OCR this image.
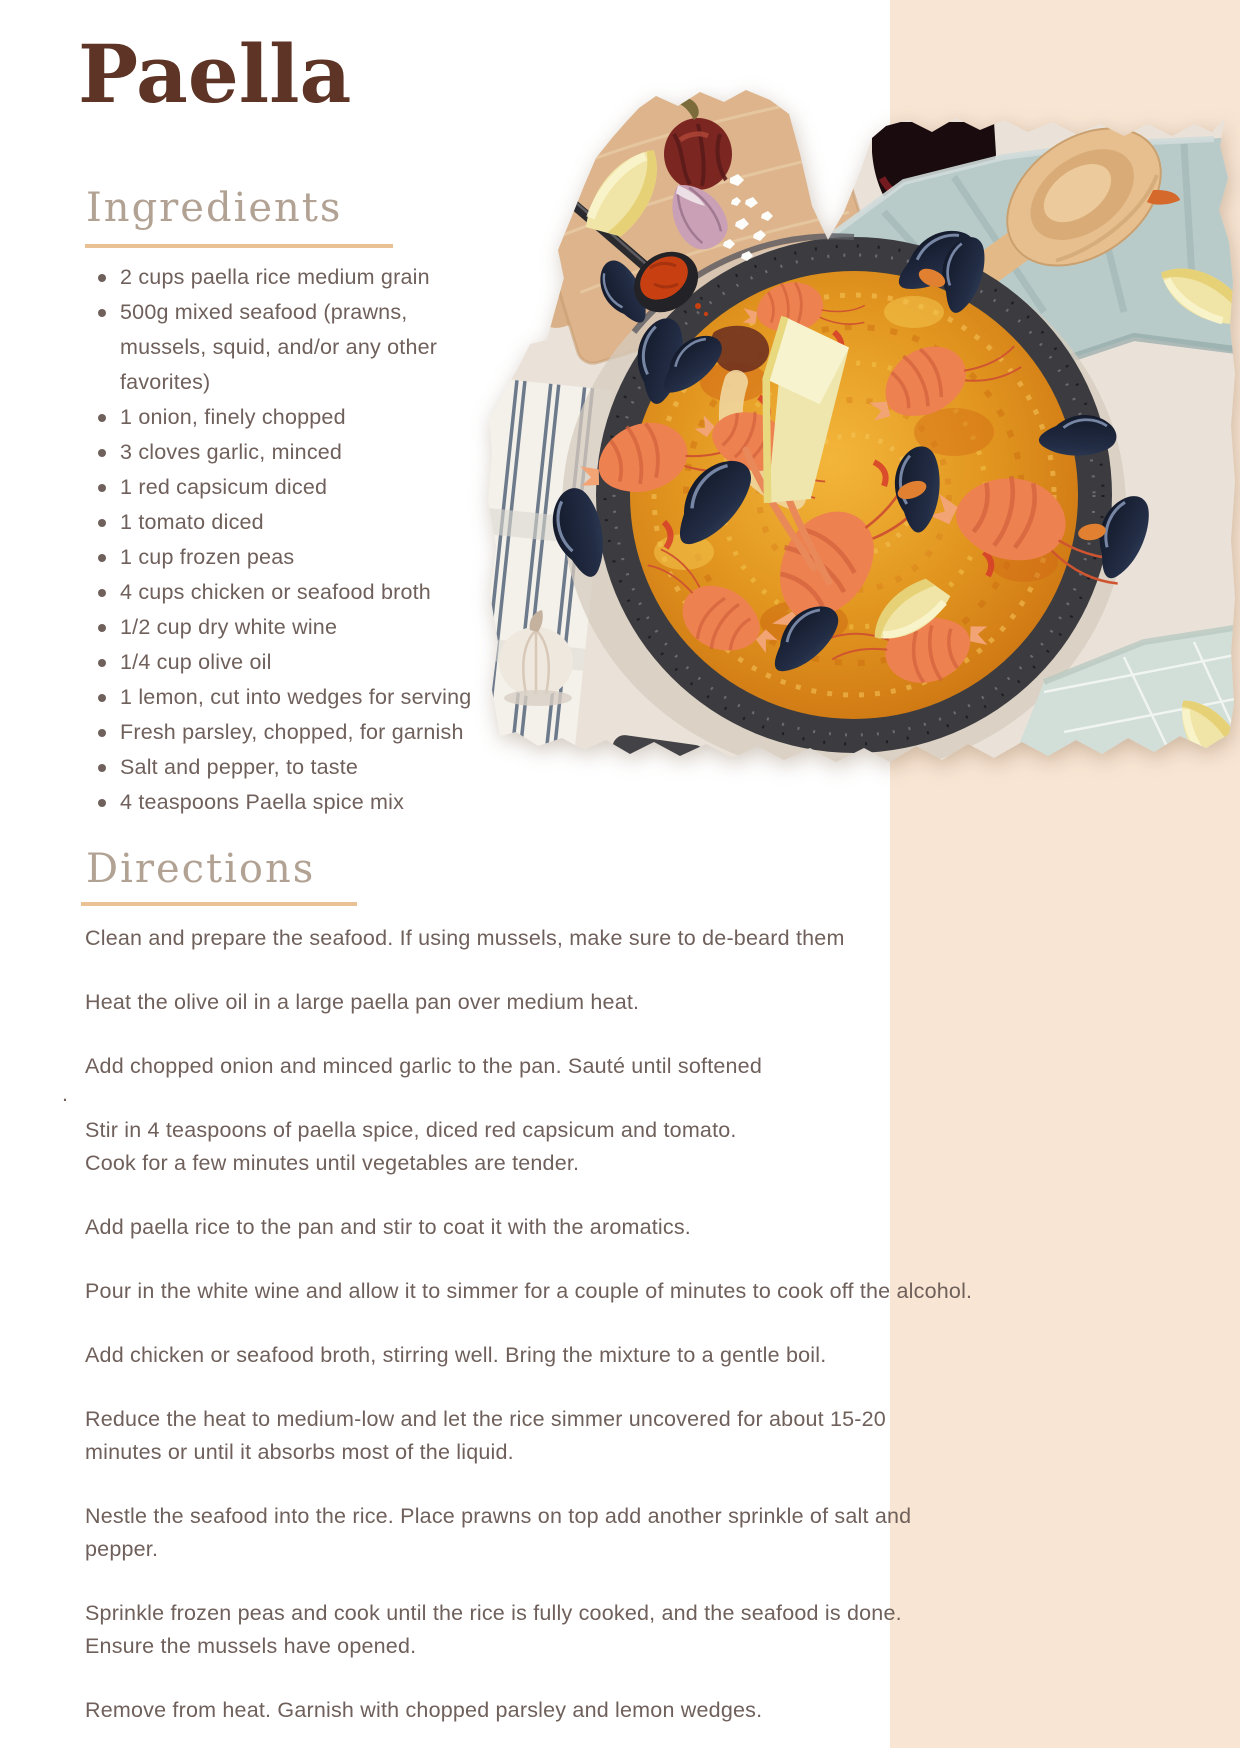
Paella
Ingredients
2 cups paella rice medium grain
500g mixed seafood (prawns,
mussels, squid, and/or any other
favorites)
1 onion, finely chopped
3 cloves garlic, minced
1 red capsicum diced
1 tomato diced
1 cup frozen peas
4 cups chicken or seafood broth
1/2 cup dry white wine
1/4 cup olive oil
1 lemon, cut into wedges for serving
Fresh parsley, chopped, for garnish
Salt and pepper, to taste
4 teaspoons Paella spice mix
Directions
.
Clean and prepare the seafood. If using mussels, make sure to de-beard them
Heat the olive oil in a large paella pan over medium heat.
Add chopped onion and minced garlic to the pan. Sauté until softened
Stir in 4 teaspoons of paella spice, diced red capsicum and tomato.
Cook for a few minutes until vegetables are tender.
Add paella rice to the pan and stir to coat it with the aromatics.
Pour in the white wine and allow it to simmer for a couple of minutes to cook off the alcohol.
Add chicken or seafood broth, stirring well. Bring the mixture to a gentle boil.
Reduce the heat to medium-low and let the rice simmer uncovered for about 15-20
minutes or until it absorbs most of the liquid.
Nestle the seafood into the rice. Place prawns on top add another sprinkle of salt and
pepper.
Sprinkle frozen peas and cook until the rice is fully cooked, and the seafood is done.
Ensure the mussels have opened.
Remove from heat. Garnish with chopped parsley and lemon wedges.
